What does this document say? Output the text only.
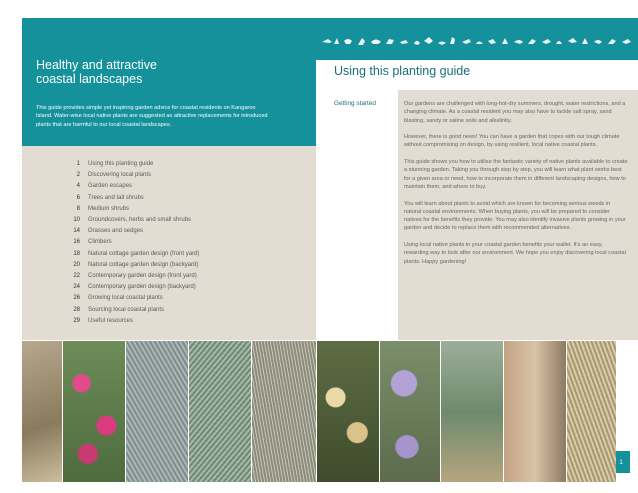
Healthy and attractive
coastal landscapes

This guide provides simple yet inspiring garden advice for coastal residents on Kangaroo Island. Water-wise local native plants are suggested as attractive replacements for introduced plants that are harmful to our local coastal landscapes.

1	Using this planting guide
2	Discovering local plants
4	Garden escapes
6	Trees and tall shrubs
8	Medium shrubs
10	Groundcovers, herbs and small shrubs
14	Grasses and sedges
16	Climbers
18	Natural cottage garden design (front yard)
20	Natural cottage garden design (backyard)
22	Contemporary garden design (front yard)
24	Contemporary garden design (backyard)
26	Growing local coastal plants
28	Sourcing local coastal plants
29	Useful resources
Using this planting guide
Getting started	Our gardens are challenged with long-hot-dry summers, drought, water restrictions, and a changing climate. As a coastal resident you may also have to tackle salt spray, sand blasting, sandy or saline soils and alkalinity.

However, there is good news! You can have a garden that copes with our tough climate without compromising on design, by using resilient, local native coastal plants.

This guide shows you how to utilise the fantastic variety of native plants available to create a stunning garden. Taking you through step by step, you will learn what plant works best for a given area or need, how to incorporate them in different landscaping designs, how to maintain them, and where to buy.

You will learn about plants to avoid which are known for becoming serious weeds in natural coastal environments. When buying plants, you will be prepared to consider natives for the benefits they provide. You may also identify invasive plants growing in your garden and decide to replace them with recommended alternatives.

Using local native plants in your coastal garden benefits your wallet. It's an easy, rewarding way to look after our environment. We hope you enjoy discovering local coastal plants. Happy gardening!

1
